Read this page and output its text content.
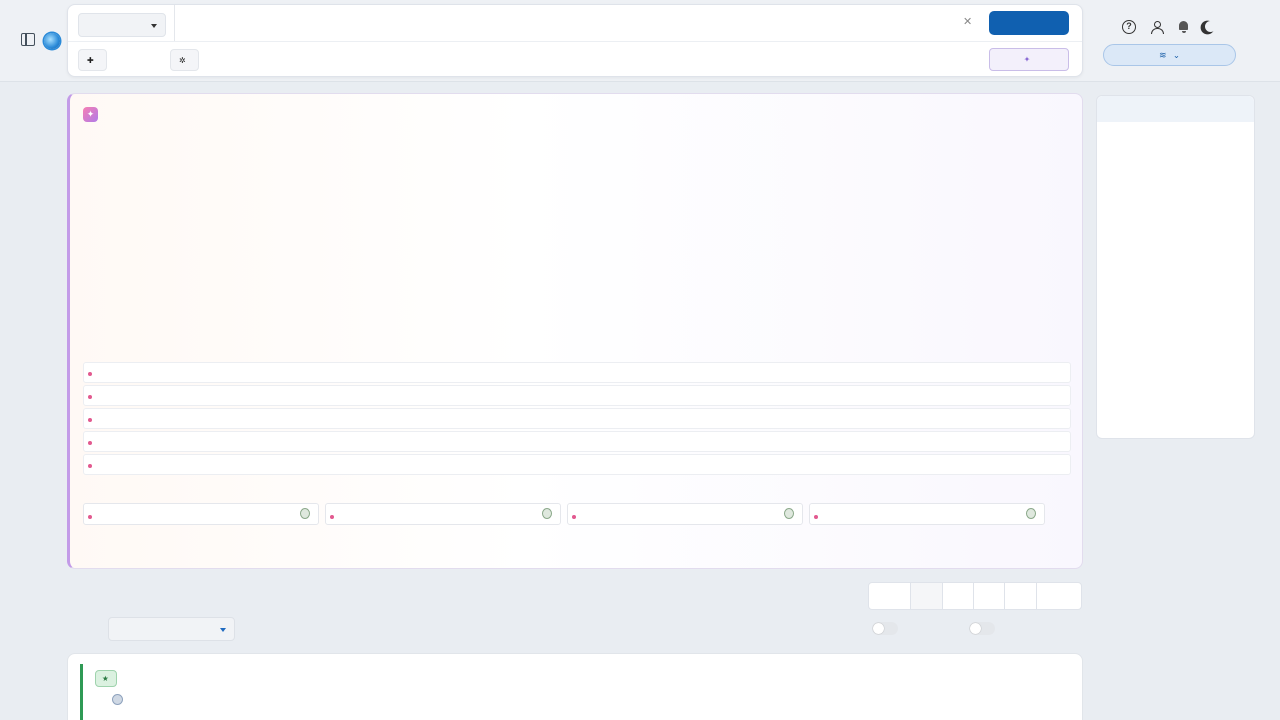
✕
✚	✲	✦
?
≋ ⌄
✦

★
